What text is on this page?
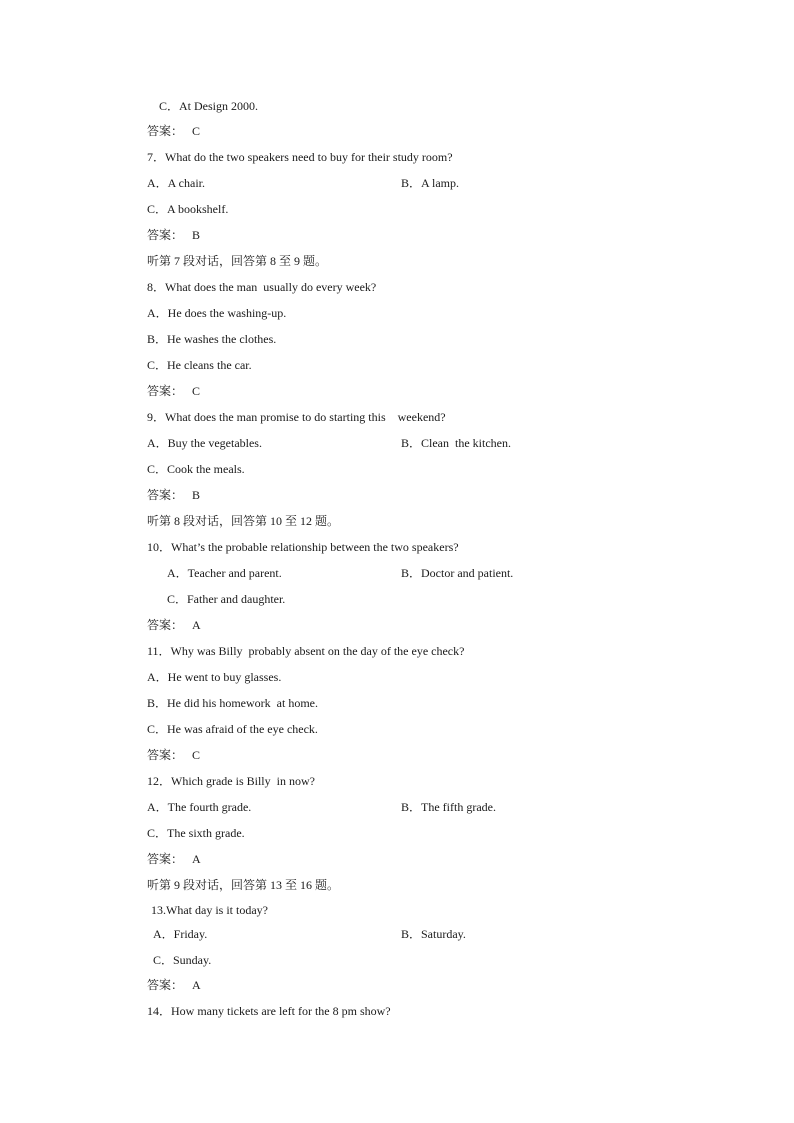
C．At Design 2000.
答案：   C
7．What do the two speakers need to buy for their study room?
A．A chair.	B．A lamp.
C．A bookshelf.
答案：   B
听第 7 段对话，回答第 8 至 9 题。
8．What does the man  usually do every week?
A．He does the washing-up.
B．He washes the clothes.
C．He cleans the car.
答案：   C
9．What does the man promise to do starting this    weekend?
A．Buy the vegetables.	B．Clean  the kitchen.
C．Cook the meals.
答案：   B
听第 8 段对话，回答第 10 至 12 题。
10．What’s the probable relationship between the two speakers?
A．Teacher and parent.	B．Doctor and patient.
C．Father and daughter.
答案：   A
11．Why was Billy  probably absent on the day of the eye check?
A．He went to buy glasses.
B．He did his homework  at home.
C．He was afraid of the eye check.
答案：   C
12．Which grade is Billy  in now?
A．The fourth grade.	B．The fifth grade.
C．The sixth grade.
答案：   A
听第 9 段对话，回答第 13 至 16 题。
13.What day is it today?
A．Friday.	B．Saturday.
C．Sunday.
答案：   A
14．How many tickets are left for the 8 pm show?
